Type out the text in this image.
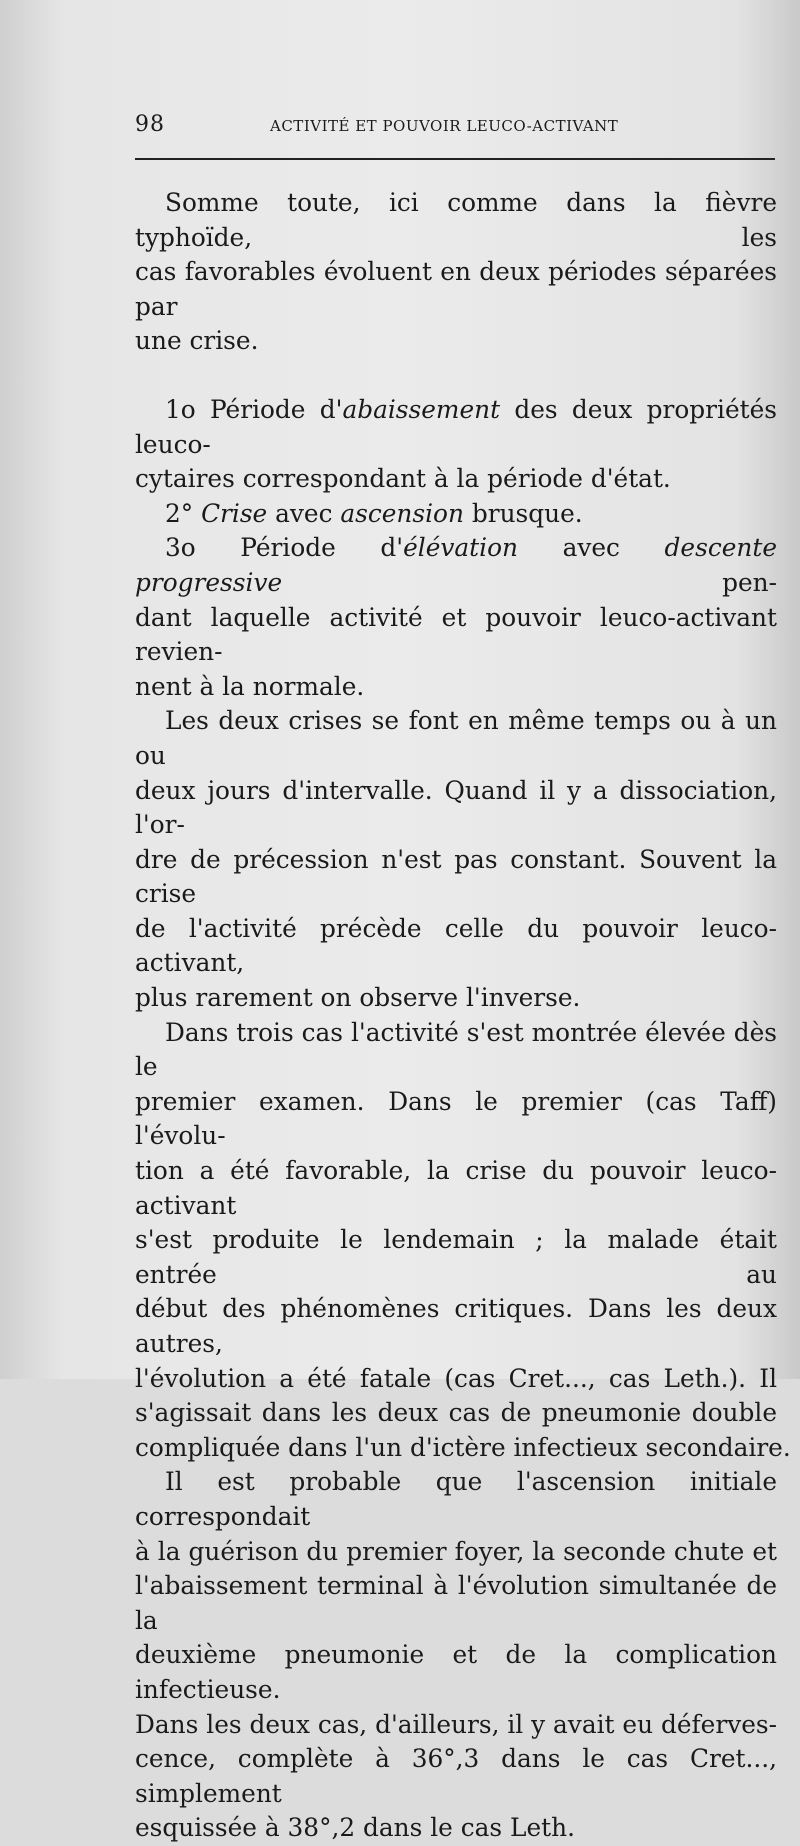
98	ACTIVITÉ ET POUVOIR LEUCO-ACTIVANT

Somme toute, ici comme dans la fièvre typhoïde, les
cas favorables évoluent en deux périodes séparées par
une crise.

1o Période d'abaissement des deux propriétés leuco-
cytaires correspondant à la période d'état.

2° Crise avec ascension brusque.

3o Période d'élévation avec descente progressive pen-
dant laquelle activité et pouvoir leuco-activant revien-
nent à la normale.

Les deux crises se font en même temps ou à un ou
deux jours d'intervalle. Quand il y a dissociation, l'or-
dre de précession n'est pas constant. Souvent la crise
de l'activité précède celle du pouvoir leuco-activant,
plus rarement on observe l'inverse.

Dans trois cas l'activité s'est montrée élevée dès le
premier examen. Dans le premier (cas Taff) l'évolu-
tion a été favorable, la crise du pouvoir leuco-activant
s'est produite le lendemain ; la malade était entrée au
début des phénomènes critiques. Dans les deux autres,
l'évolution a été fatale (cas Cret..., cas Leth.). Il
s'agissait dans les deux cas de pneumonie double
compliquée dans l'un d'ictère infectieux secondaire.

Il est probable que l'ascension initiale correspondait
à la guérison du premier foyer, la seconde chute et
l'abaissement terminal à l'évolution simultanée de la
deuxième pneumonie et de la complication infectieuse.
Dans les deux cas, d'ailleurs, il y avait eu déferves-
cence, complète à 36°,3 dans le cas Cret..., simplement
esquissée à 38°,2 dans le cas Leth.
